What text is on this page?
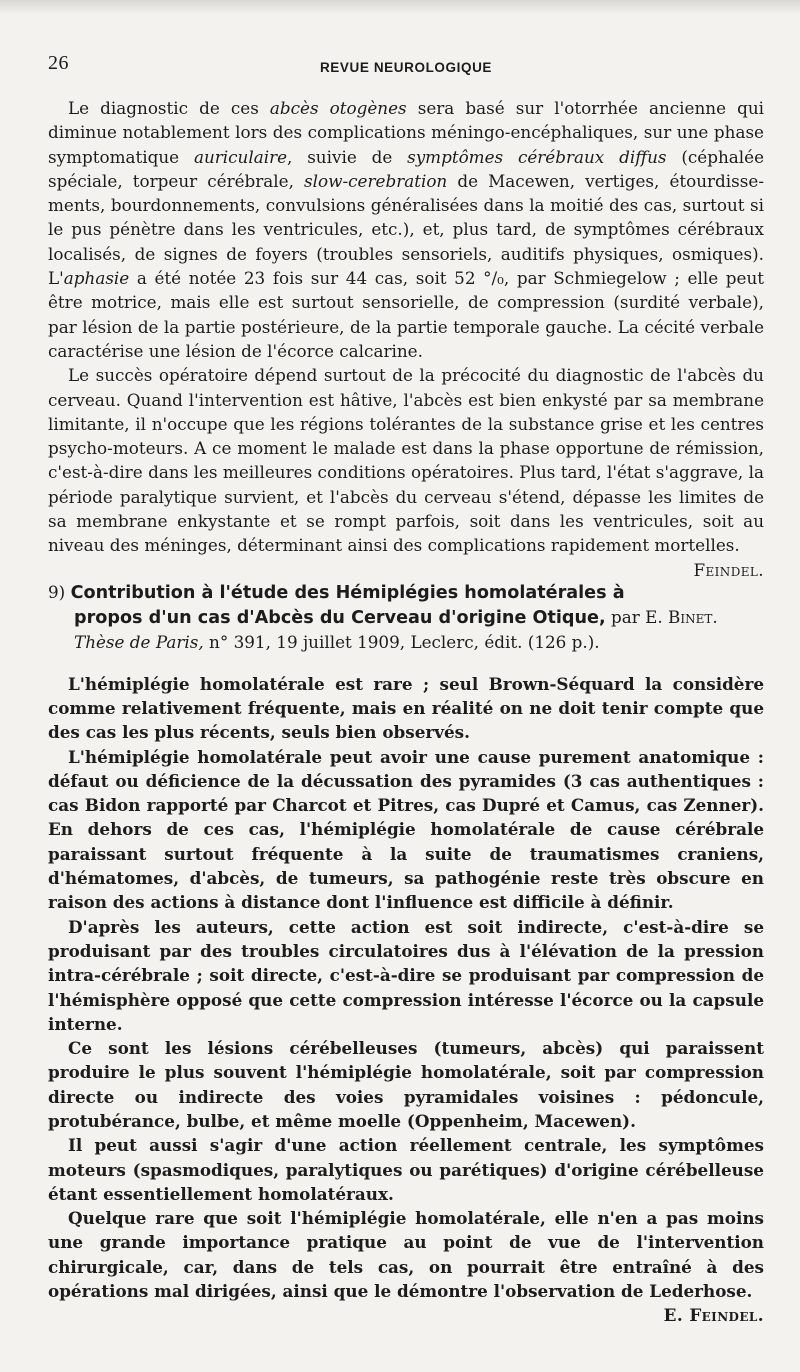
26	REVUE NEUROLOGIQUE

Le diagnostic de ces abcès otogènes sera basé sur l'otorrhée ancienne qui diminue notablement lors des complications méningo-encéphaliques, sur une phase symptomatique auriculaire, suivie de symptômes cérébraux diffus (céphalée spéciale, torpeur cérébrale, slow-cerebration de Macewen, vertiges, étourdissements, bourdonnements, convulsions généralisées dans la moitié des cas, surtout si le pus pénètre dans les ventricules, etc.), et, plus tard, de symptômes cérébraux localisés, de signes de foyers (troubles sensoriels, auditifs physiques, osmiques). L'aphasie a été notée 23 fois sur 44 cas, soit 52 °/₀, par Schmiegelow ; elle peut être motrice, mais elle est surtout sensorielle, de compression (surdité verbale), par lésion de la partie postérieure, de la partie temporale gauche. La cécité verbale caractérise une lésion de l'écorce calcarine.

Le succès opératoire dépend surtout de la précocité du diagnostic de l'abcès du cerveau. Quand l'intervention est hâtive, l'abcès est bien enkysté par sa membrane limitante, il n'occupe que les régions tolérantes de la substance grise et les centres psycho-moteurs. A ce moment le malade est dans la phase opportune de rémission, c'est-à-dire dans les meilleures conditions opératoires. Plus tard, l'état s'aggrave, la période paralytique survient, et l'abcès du cerveau s'étend, dépasse les limites de sa membrane enkystante et se rompt parfois, soit dans les ventricules, soit au niveau des méninges, déterminant ainsi des complications rapidement mortelles.
Feindel.

9) Contribution à l'étude des Hémiplégies homolatérales à propos d'un cas d'Abcès du Cerveau d'origine Otique, par E. Binet. Thèse de Paris, n° 391, 19 juillet 1909, Leclerc, édit. (126 p.).

L'hémiplégie homolatérale est rare ; seul Brown-Séquard la considère comme relativement fréquente, mais en réalité on ne doit tenir compte que des cas les plus récents, seuls bien observés.

L'hémiplégie homolatérale peut avoir une cause purement anatomique : défaut ou déficience de la décussation des pyramides (3 cas authentiques : cas Bidon rapporté par Charcot et Pitres, cas Dupré et Camus, cas Zenner). En dehors de ces cas, l'hémiplégie homolatérale de cause cérébrale paraissant surtout fréquente à la suite de traumatismes craniens, d'hématomes, d'abcès, de tumeurs, sa pathogénie reste très obscure en raison des actions à distance dont l'influence est difficile à définir.

D'après les auteurs, cette action est soit indirecte, c'est-à-dire se produisant par des troubles circulatoires dus à l'élévation de la pression intra-cérébrale ; soit directe, c'est-à-dire se produisant par compression de l'hémisphère opposé que cette compression intéresse l'écorce ou la capsule interne.

Ce sont les lésions cérébelleuses (tumeurs, abcès) qui paraissent produire le plus souvent l'hémiplégie homolatérale, soit par compression directe ou indirecte des voies pyramidales voisines : pédoncule, protubérance, bulbe, et même moelle (Oppenheim, Macewen).

Il peut aussi s'agir d'une action réellement centrale, les symptômes moteurs (spasmodiques, paralytiques ou parétiques) d'origine cérébelleuse étant essentiellement homolatéraux.

Quelque rare que soit l'hémiplégie homolatérale, elle n'en a pas moins une grande importance pratique au point de vue de l'intervention chirurgicale, car, dans de tels cas, on pourrait être entraîné à des opérations mal dirigées, ainsi que le démontre l'observation de Lederhose.
E. Feindel.
